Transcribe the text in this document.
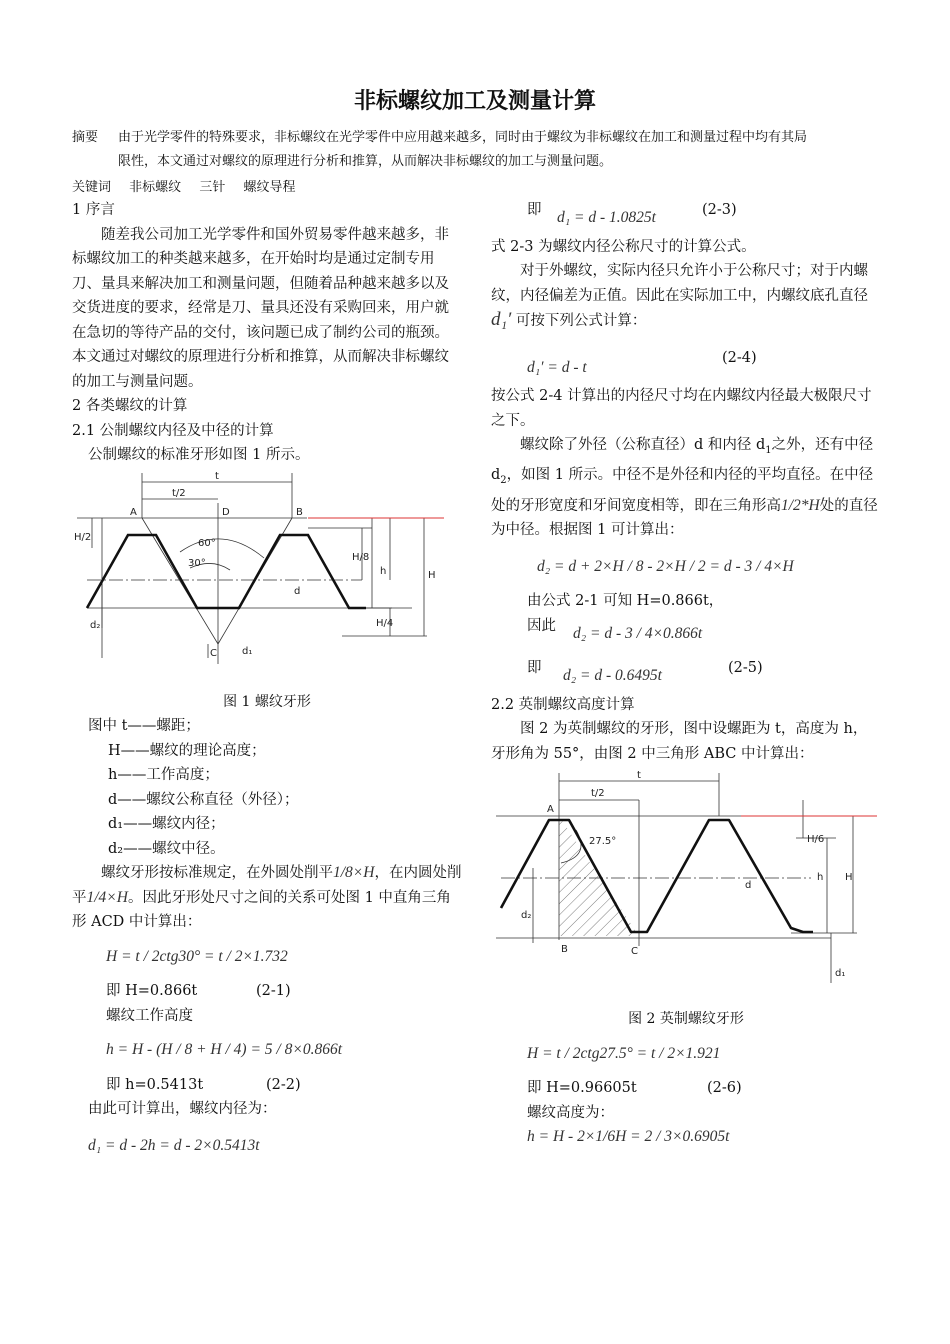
非标螺纹加工及测量计算
摘要 由于光学零件的特殊要求，非标螺纹在光学零件中应用越来越多，同时由于螺纹为非标螺纹在加工和测量过程中均有其局
限性，本文通过对螺纹的原理进行分析和推算，从而解决非标螺纹的加工与测量问题。
关键词 非标螺纹 三针 螺纹导程

1 序言

随差我公司加工光学零件和国外贸易零件越来越多，非标螺纹加工的种类越来越多，在开始时均是通过定制专用刀、量具来解决加工和测量问题，但随着品种越来越多以及交货进度的要求，经常是刀、量具还没有采购回来，用户就在急切的等待产品的交付，该问题已成了制约公司的瓶颈。本文通过对螺纹的原理进行分析和推算，从而解决非标螺纹的加工与测量问题。

2 各类螺纹的计算

2.1 公制螺纹内径及中径的计算

公制螺纹的标准牙形如图 1 所示。

t
t/2
A	D	B
C
60°
30°
H/2
H/8
h	H
d
H/4
d₂
d₁

图 1 螺纹牙形

图中 t——螺距；

H——螺纹的理论高度；

h——工作高度；

d——螺纹公称直径（外径）；

d₁——螺纹内径；

d₂——螺纹中径。

螺纹牙形按标准规定，在外圆处削平1/8×H，在内圆处削平1/4×H。因此牙形处尺寸之间的关系可处图 1 中直角三角形 ACD 中计算出：

H = t / 2ctg30° = t / 2×1.732

即 H=0.866t	(2-1)

螺纹工作高度

h = H - (H / 8 + H / 4) = 5 / 8×0.866t

即 h=0.5413t	(2-2)

由此可计算出，螺纹内径为：

d₁ = d - 2h = d - 2×0.5413t

即 d₁ = d - 1.0825t	(2-3)

式 2-3 为螺纹内径公称尺寸的计算公式。

对于外螺纹，实际内径只允许小于公称尺寸；对于内螺纹，内径偏差为正值。因此在实际加工中，内螺纹底孔直径 d₁′ 可按下列公式计算：

d₁′ = d - t(2-4)

按公式 2-4 计算出的内径尺寸均在内螺纹内径最大极限尺寸之下。

螺纹除了外径（公称直径）d 和内径 $d_1$之外，还有中径 $d_2$，如图 1 所示。中径不是外径和内径的平均直径。在中径处的牙形宽度和牙间宽度相等，即在三角形高1/2*H处的直径为中径。根据图 1 可计算出：

d₂ = d + 2×H / 8 - 2×H / 2 = d - 3 / 4×H

由公式 2-1 可知 H=0.866t，

因此 d₂ = d - 3 / 4×0.866t

即 d₂ = d - 0.6495t	(2-5)

2.2 英制螺纹高度计算

图 2 为英制螺纹的牙形，图中设螺距为 t，高度为 h，牙形角为 55°，由图 2 中三角形 ABC 中计算出：

t
t/2
A
27.5°
B	C
H/6
h H
d
d₂
d₁

图 2 英制螺纹牙形

H = t / 2ctg27.5° = t / 2×1.921

即 H=0.96605t	(2-6)

螺纹高度为：

h = H - 2×1/6H = 2 / 3×0.6905t
